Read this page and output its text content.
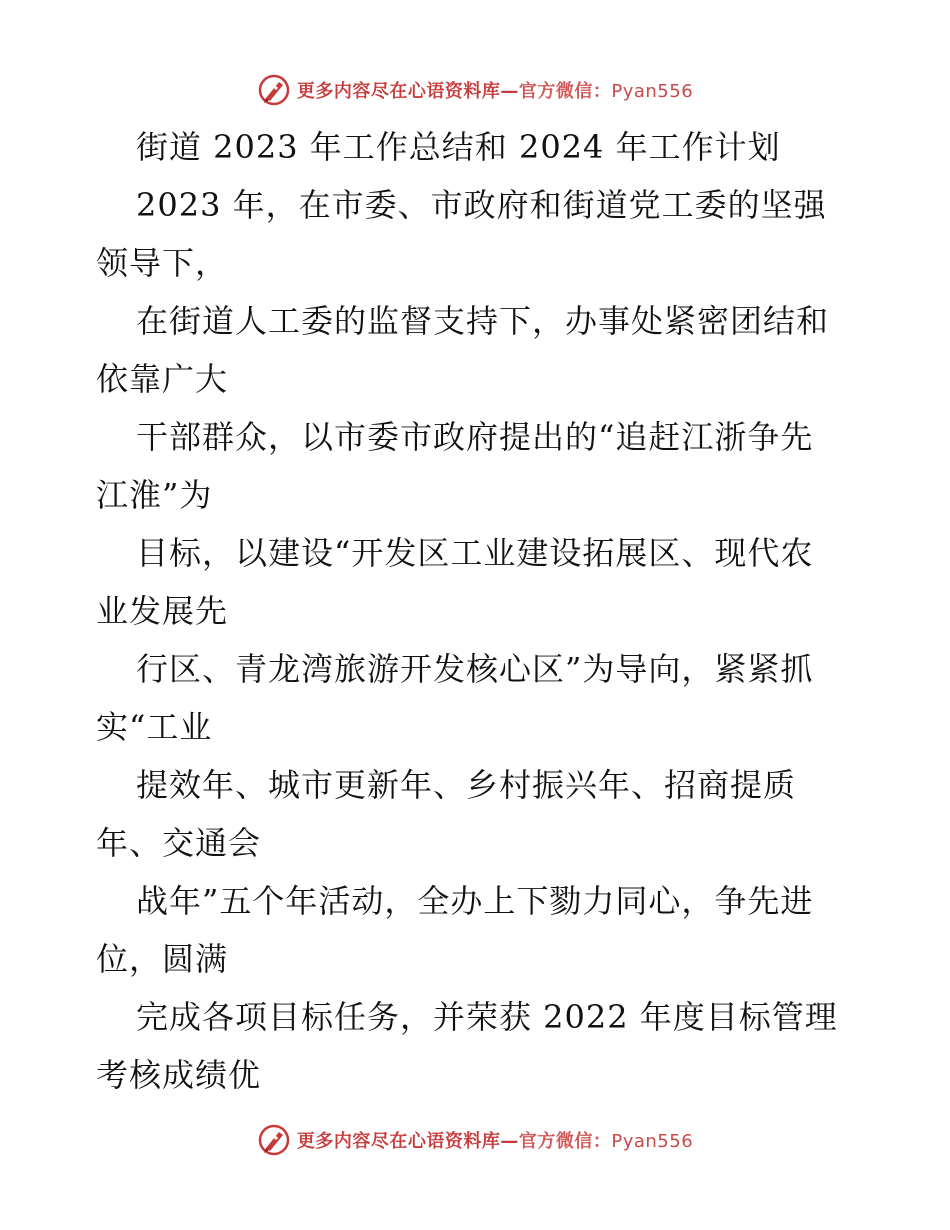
更多内容尽在心语资料库—官方微信：Pyan556
街道 2023 年工作总结和 2024 年工作计划
2023 年，在市委、市政府和街道党工委的坚强
领导下，
在街道人工委的监督支持下，办事处紧密团结和
依靠广大
干部群众，以市委市政府提出的“追赶江浙争先
江淮”为
目标，以建设“开发区工业建设拓展区、现代农
业发展先
行区、青龙湾旅游开发核心区”为导向，紧紧抓
实“工业
提效年、城市更新年、乡村振兴年、招商提质
年、交通会
战年”五个年活动，全办上下勠力同心，争先进
位，圆满
完成各项目标任务，并荣获 2022 年度目标管理
考核成绩优
更多内容尽在心语资料库—官方微信：Pyan556
